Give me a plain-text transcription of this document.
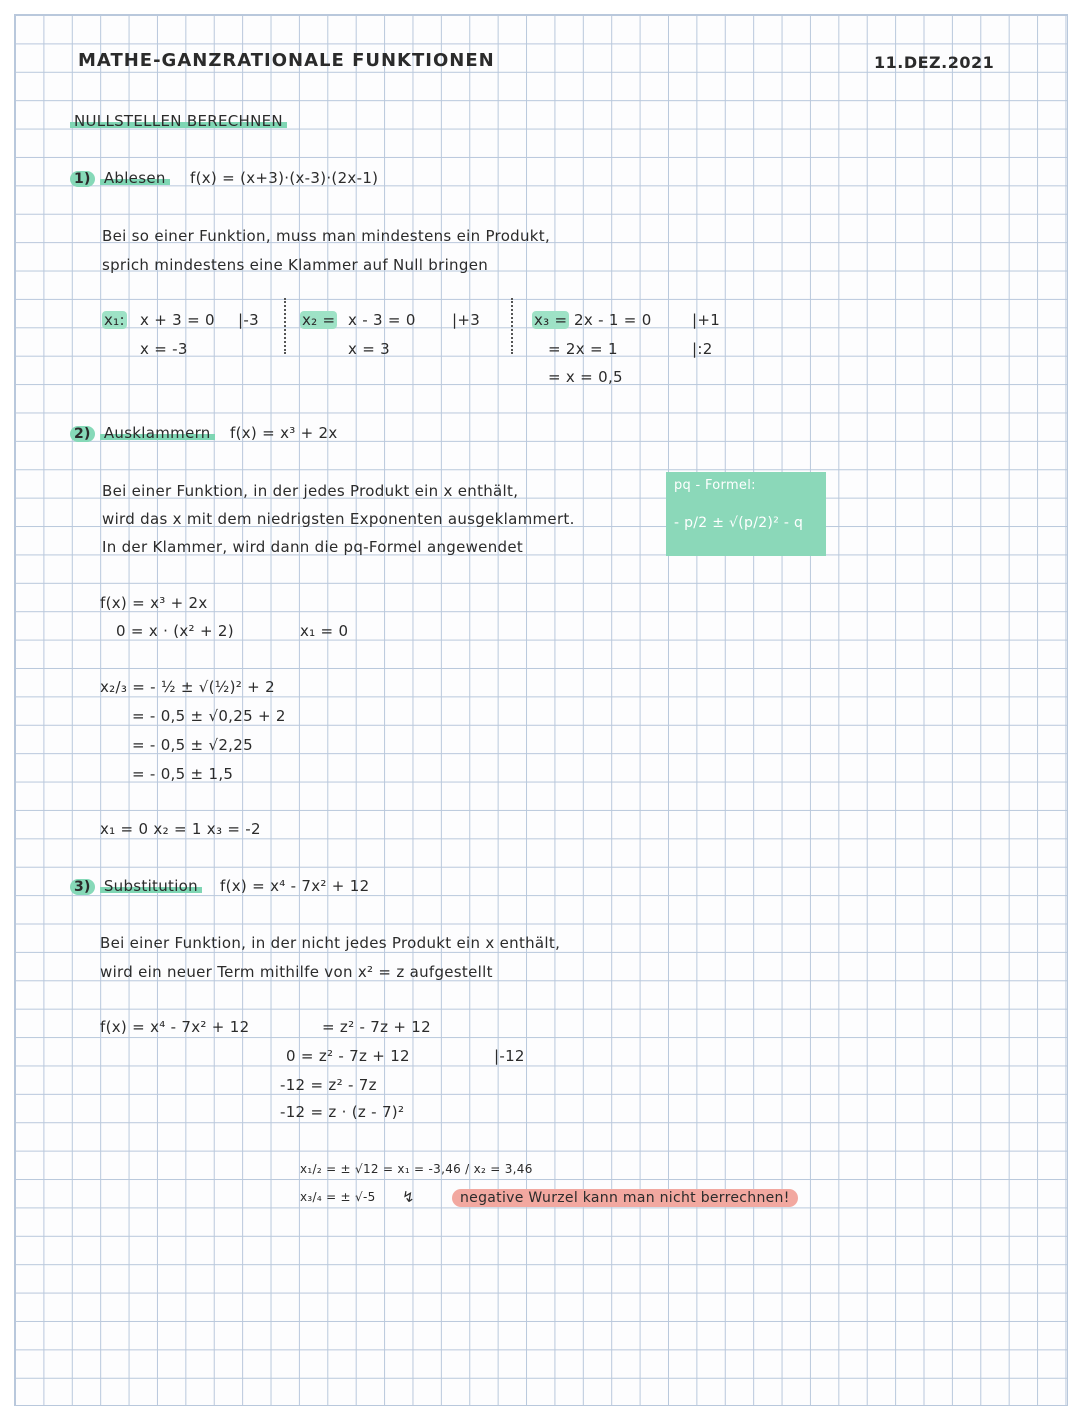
MATHE-GANZRATIONALE FUNKTIONEN	11.DEZ.2021
NULLSTELLEN BERECHNEN
1) Ablesen f(x) = (x+3)·(x-3)·(2x-1)
Bei so einer Funktion, muss man mindestens ein Produkt,
sprich mindestens eine Klammer auf Null bringen
x₁: x + 3 = 0 |-3
x = -3
x₂ = x - 3 = 0 |+3
x = 3
x₃ = 2x - 1 = 0	|+1
= 2x = 1	|:2
= x = 0,5
2) Ausklammern f(x) = x³ + 2x
Bei einer Funktion, in der jedes Produkt ein x enthält,
wird das x mit dem niedrigsten Exponenten ausgeklammert.
In der Klammer, wird dann die pq-Formel angewendet
pq - Formel:
- p/2 ± √(p/2)² - q
f(x) = x³ + 2x
0 = x · (x² + 2)	x₁ = 0
x₂/₃ = - ½ ± √(½)² + 2
= - 0,5 ± √0,25 + 2
= - 0,5 ± √2,25
= - 0,5 ± 1,5
x₁ = 0 x₂ = 1 x₃ = -2
3) Substitution f(x) = x⁴ - 7x² + 12
Bei einer Funktion, in der nicht jedes Produkt ein x enthält,
wird ein neuer Term mithilfe von x² = z aufgestellt
f(x) = x⁴ - 7x² + 12	= z² - 7z + 12
0 = z² - 7z + 12	|-12
-12 = z² - 7z
-12 = z · (z - 7)²
x₁/₂ = ± √12 = x₁ = -3,46 / x₂ = 3,46
x₃/₄ = ± √-5 ↯	negative Wurzel kann man nicht berrechnen!
